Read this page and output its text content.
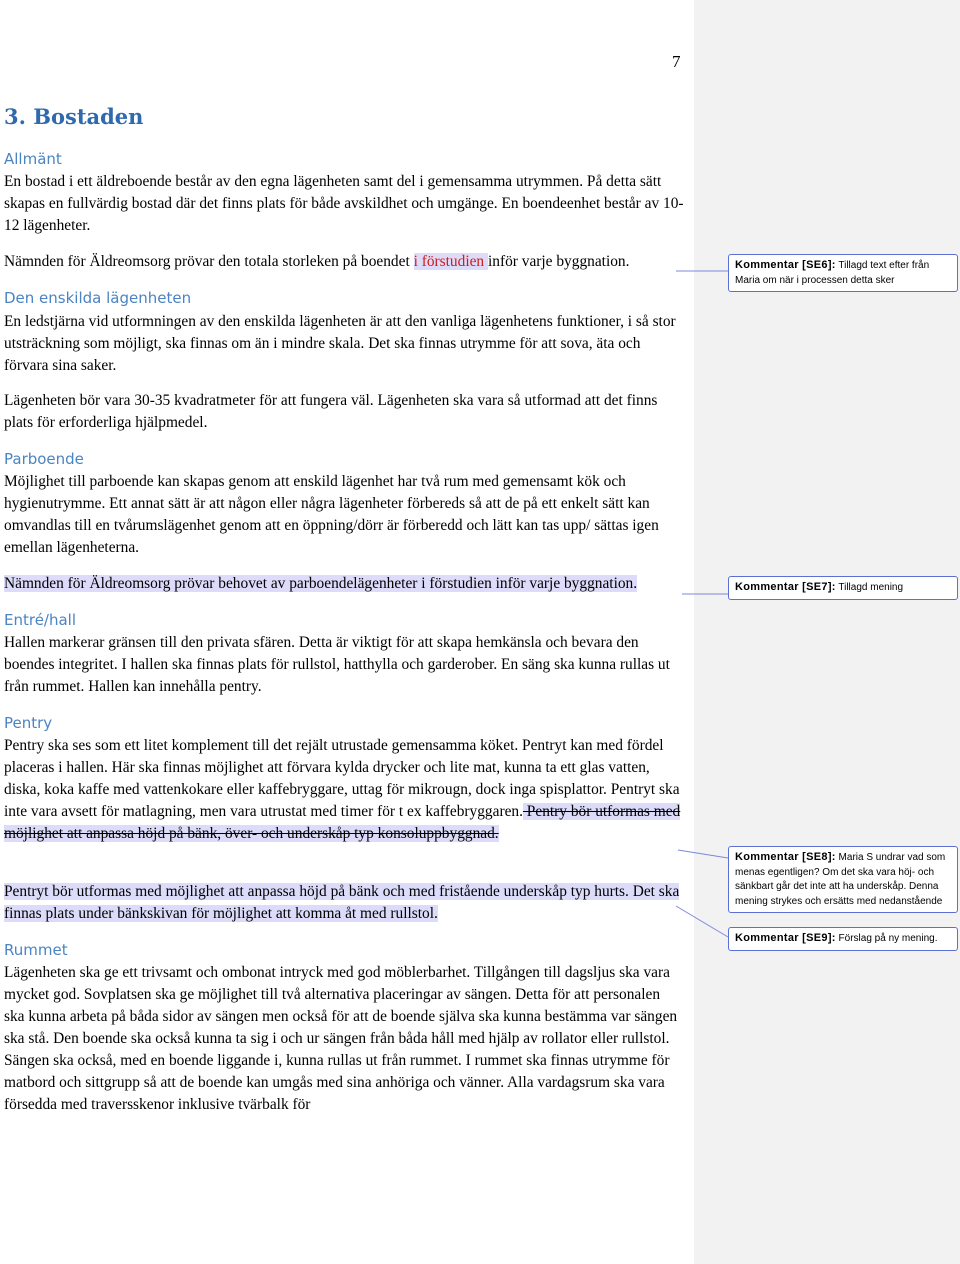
7
3. Bostaden
Allmänt

En bostad i ett äldreboende består av den egna lägenheten samt del i gemensamma utrymmen. På detta sätt skapas en fullvärdig bostad där det finns plats för både avskildhet och umgänge. En boendeenhet består av 10-12 lägenheter.

Nämnden för Äldreomsorg prövar den totala storleken på boendet i förstudien inför varje byggnation.

Den enskilda lägenheten

En ledstjärna vid utformningen av den enskilda lägenheten är att den vanliga lägenhetens funktioner, i så stor utsträckning som möjligt, ska finnas om än i mindre skala. Det ska finnas utrymme för att sova, äta och förvara sina saker.

Lägenheten bör vara 30-35 kvadratmeter för att fungera väl. Lägenheten ska vara så utformad att det finns plats för erforderliga hjälpmedel.

Parboende

Möjlighet till parboende kan skapas genom att enskild lägenhet har två rum med gemensamt kök och hygienutrymme. Ett annat sätt är att någon eller några lägenheter förbereds så att de på ett enkelt sätt kan omvandlas till en tvårumslägenhet genom att en öppning/dörr är förberedd och lätt kan tas upp/ sättas igen emellan lägenheterna.

Nämnden för Äldreomsorg prövar behovet av parboendelägenheter i förstudien inför varje byggnation.

Entré/hall

Hallen markerar gränsen till den privata sfären. Detta är viktigt för att skapa hemkänsla och bevara den boendes integritet. I hallen ska finnas plats för rullstol, hatthylla och garderober. En säng ska kunna rullas ut från rummet. Hallen kan innehålla pentry.

Pentry

Pentry ska ses som ett litet komplement till det rejält utrustade gemensamma köket. Pentryt kan med fördel placeras i hallen. Här ska finnas möjlighet att förvara kylda drycker och lite mat, kunna ta ett glas vatten, diska, koka kaffe med vattenkokare eller kaffebryggare, uttag för mikrougn, dock inga spisplattor. Pentryt ska inte vara avsett för matlagning, men vara utrustat med timer för t ex kaffebryggaren. Pentry bör utformas med möjlighet att anpassa höjd på bänk, över- och underskåp typ konsoluppbyggnad.

Pentryt bör utformas med möjlighet att anpassa höjd på bänk och med fristående underskåp typ hurts. Det ska finnas plats under bänkskivan för möjlighet att komma åt med rullstol.

Rummet

Lägenheten ska ge ett trivsamt och ombonat intryck med god möblerbarhet. Tillgången till dagsljus ska vara mycket god. Sovplatsen ska ge möjlighet till två alternativa placeringar av sängen. Detta för att personalen ska kunna arbeta på båda sidor av sängen men också för att de boende själva ska kunna bestämma var sängen ska stå. Den boende ska också kunna ta sig i och ur sängen från båda håll med hjälp av rollator eller rullstol. Sängen ska också, med en boende liggande i, kunna rullas ut från rummet. I rummet ska finnas utrymme för matbord och sittgrupp så att de boende kan umgås med sina anhöriga och vänner. Alla vardagsrum ska vara försedda med traversskenor inklusive tvärbalk för

Kommentar [SE6]: Tillagd text efter från Maria om när i processen detta sker
Kommentar [SE7]: Tillagd mening
Kommentar [SE8]: Maria S undrar vad som menas egentligen? Om det ska vara höj- och sänkbart går det inte att ha underskåp. Denna mening strykes och ersätts med nedanstående
Kommentar [SE9]: Förslag på ny mening.
